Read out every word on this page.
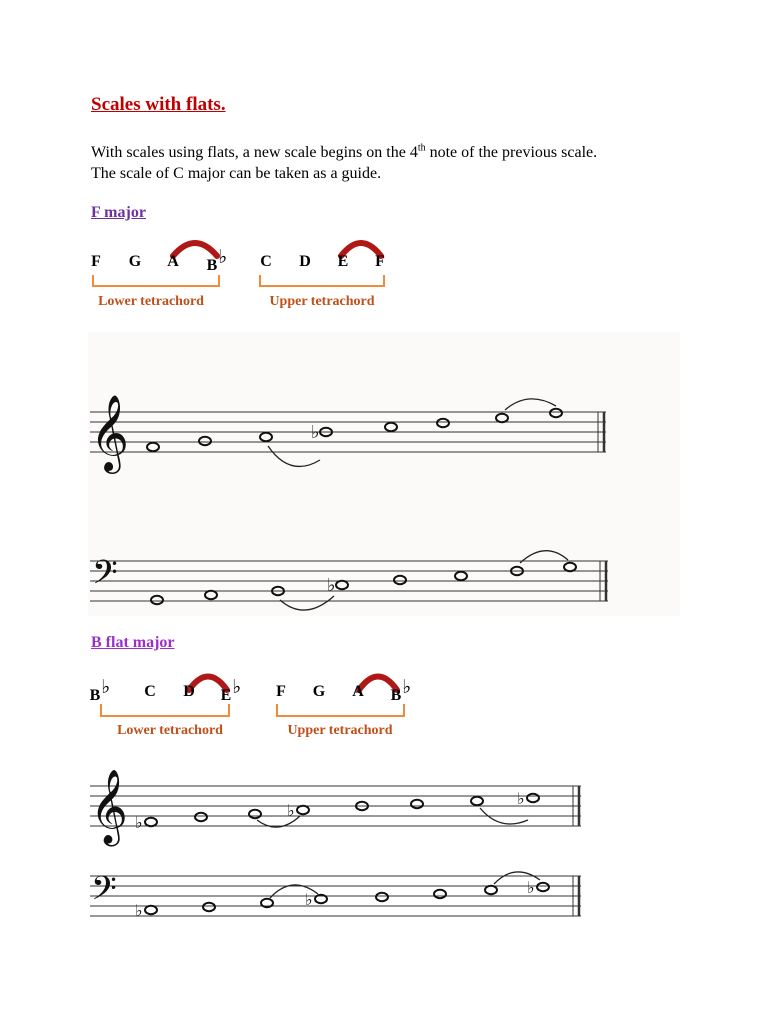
Scales with flats.
With scales using flats, a new scale begins on the 4th note of the previous scale.
The scale of C major can be taken as a guide.
F major
F G A B♭ C D E F
Lower tetrachord	Upper tetrachord
𝄞	♭
𝄢	♭
B flat major
B♭ C D E♭ F G A B♭
Lower tetrachord	Upper tetrachord
𝄞 ♭
♭
♭
𝄢 ♭
♭
♭
